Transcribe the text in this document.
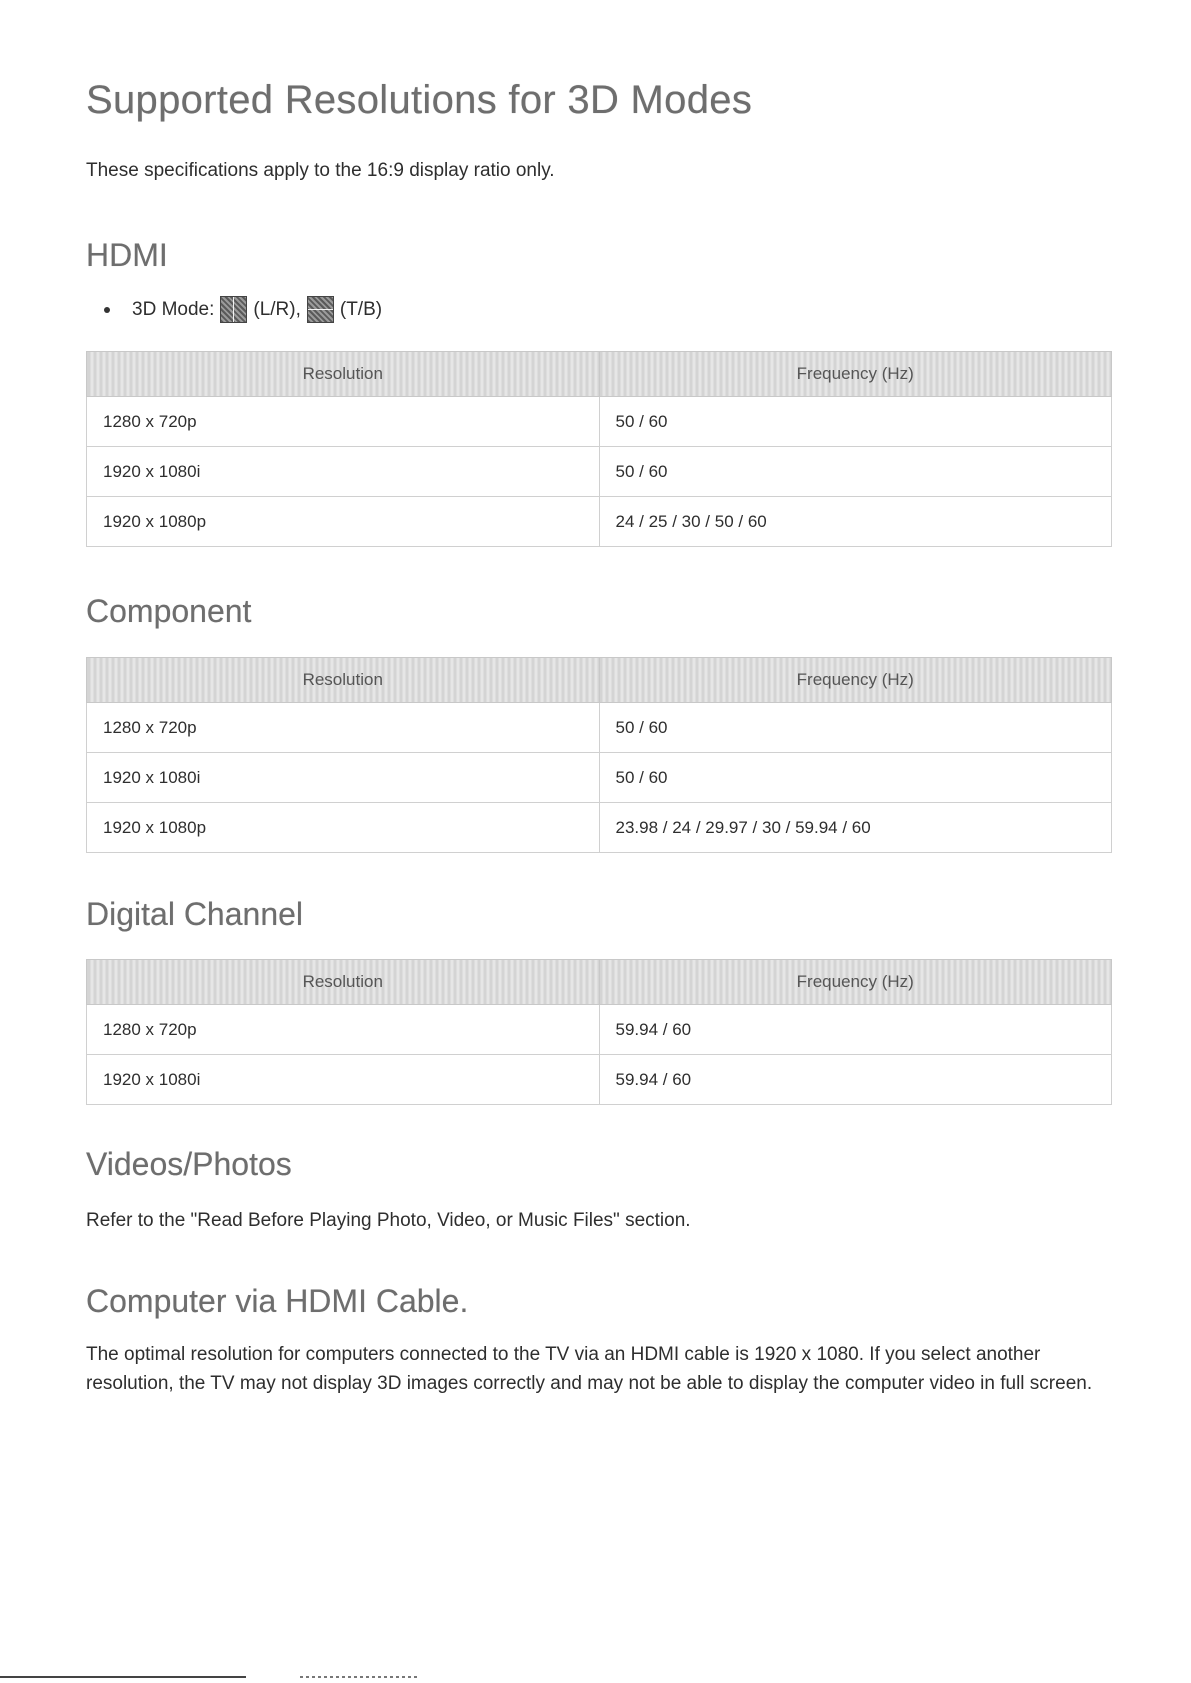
Supported Resolutions for 3D Modes

These specifications apply to the 16:9 display ratio only.

HDMI
3D Mode: (L/R), (T/B)
Resolution	Frequency (Hz)
1280 x 720p	50 / 60
1920 x 1080i	50 / 60
1920 x 1080p	24 / 25 / 30 / 50 / 60
Component
Resolution	Frequency (Hz)
1280 x 720p	50 / 60
1920 x 1080i	50 / 60
1920 x 1080p	23.98 / 24 / 29.97 / 30 / 59.94 / 60
Digital Channel
Resolution	Frequency (Hz)
1280 x 720p	59.94 / 60
1920 x 1080i	59.94 / 60
Videos/Photos

Refer to the "Read Before Playing Photo, Video, or Music Files" section.

Computer via HDMI Cable.

The optimal resolution for computers connected to the TV via an HDMI cable is 1920 x 1080. If you select another resolution, the TV may not display 3D images correctly and may not be able to display the computer video in full screen.
